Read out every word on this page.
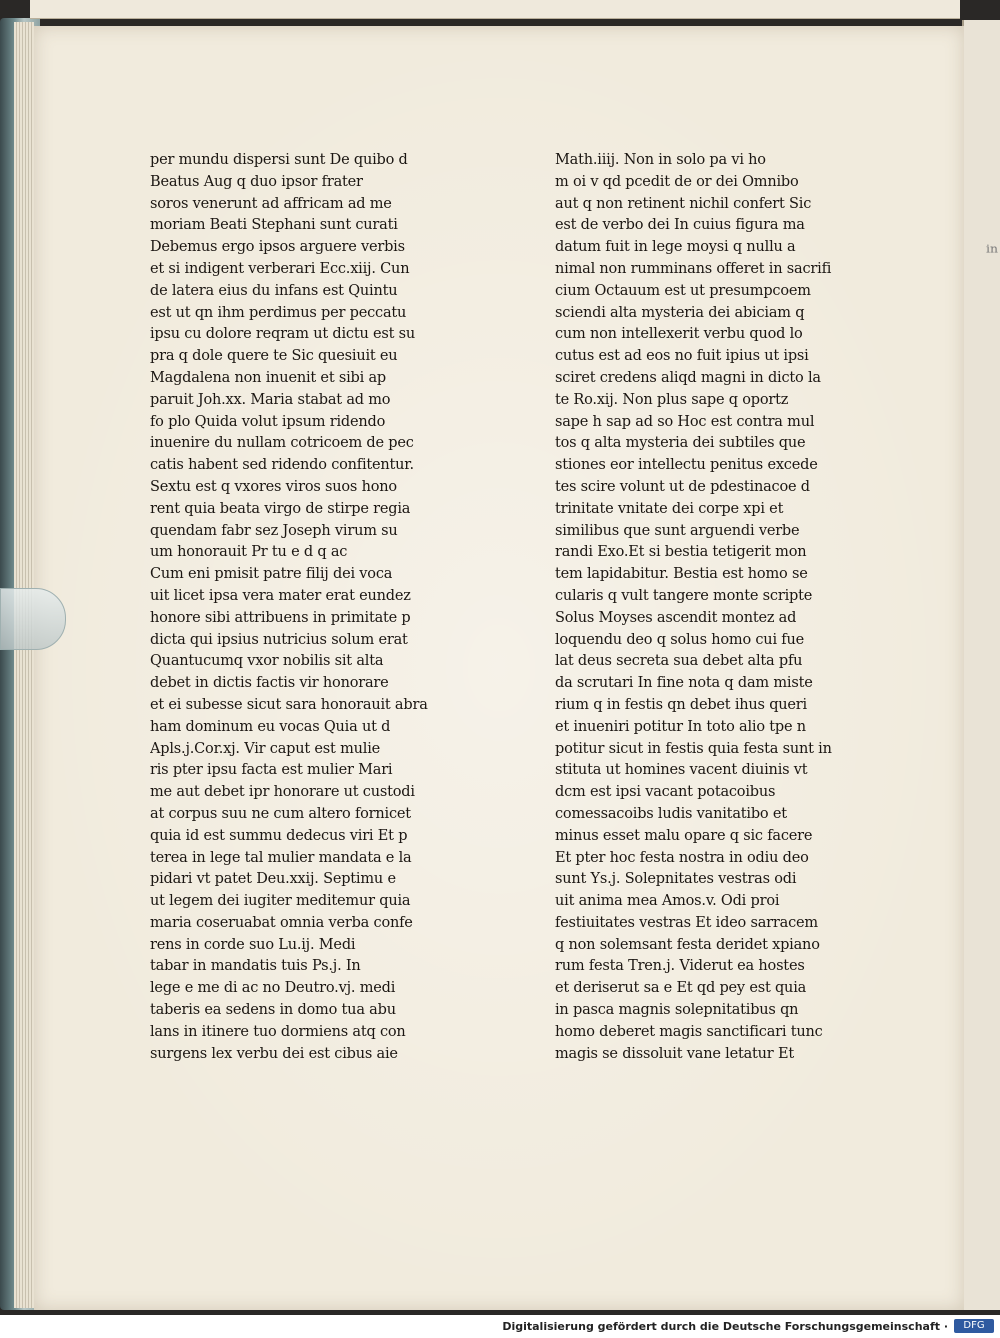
ⁱⁿ
per mundu dispersi sunt De quibo d
Beatus Aug q duo ipsor frater
soros venerunt ad affricam ad me
moriam Beati Stephani sunt curati
Debemus ergo ipsos arguere verbis
et si indigent verberari Ecc.xiij. Cun
de latera eius du infans est Quintu
est ut qn ihm perdimus per peccatu
ipsu cu dolore reqram ut dictu est su
pra q dole quere te Sic quesiuit eu
Magdalena non inuenit et sibi ap
paruit Joh.xx. Maria stabat ad mo
fo plo Quida volut ipsum ridendo
inuenire du nullam cotricoem de pec
catis habent sed ridendo confitentur.
Sextu est q vxores viros suos hono
rent quia beata virgo de stirpe regia
quendam fabr sez Joseph virum su
um honorauit Pr tu e d q ac
Cum eni pmisit patre filij dei voca
uit licet ipsa vera mater erat eundez
honore sibi attribuens in primitate p
dicta qui ipsius nutricius solum erat
Quantucumq vxor nobilis sit alta
debet in dictis factis vir honorare
et ei subesse sicut sara honorauit abra
ham dominum eu vocas Quia ut d
Apls.j.Cor.xj. Vir caput est mulie
ris pter ipsu facta est mulier Mari
me aut debet ipr honorare ut custodi
at corpus suu ne cum altero fornicet
quia id est summu dedecus viri Et p
terea in lege tal mulier mandata e la
pidari vt patet Deu.xxij. Septimu e
ut legem dei iugiter meditemur quia
maria coseruabat omnia verba confe
rens in corde suo Lu.ij. Medi
tabar in mandatis tuis Ps.j. In
lege e me di ac no Deutro.vj. medi
taberis ea sedens in domo tua abu
lans in itinere tuo dormiens atq con
surgens lex verbu dei est cibus aie
Math.iiij. Non in solo pa vi ho
m oi v qd pcedit de or dei Omnibo
aut q non retinent nichil confert Sic
est de verbo dei In cuius figura ma
datum fuit in lege moysi q nullu a
nimal non rumminans offeret in sacrifi
cium Octauum est ut presumpcoem
sciendi alta mysteria dei abiciam q
cum non intellexerit verbu quod lo
cutus est ad eos no fuit ipius ut ipsi
sciret credens aliqd magni in dicto la
te Ro.xij. Non plus sape q oportz
sape h sap ad so Hoc est contra mul
tos q alta mysteria dei subtiles que
stiones eor intellectu penitus excede
tes scire volunt ut de pdestinacoe d
trinitate vnitate dei corpe xpi et
similibus que sunt arguendi verbe
randi Exo.Et si bestia tetigerit mon
tem lapidabitur. Bestia est homo se
cularis q vult tangere monte scripte
Solus Moyses ascendit montez ad
loquendu deo q solus homo cui fue
lat deus secreta sua debet alta pfu
da scrutari In fine nota q dam miste
rium q in festis qn debet ihus queri
et inueniri potitur In toto alio tpe n
potitur sicut in festis quia festa sunt in
stituta ut homines vacent diuinis vt
dcm est ipsi vacant potacoibus
comessacoibs ludis vanitatibo et
minus esset malu opare q sic facere
Et pter hoc festa nostra in odiu deo
sunt Ys.j. Solepnitates vestras odi
uit anima mea Amos.v. Odi proi
festiuitates vestras Et ideo sarracem
q non solemsant festa deridet xpiano
rum festa Tren.j. Viderut ea hostes
et deriserut sa e Et qd pey est quia
in pasca magnis solepnitatibus qn
homo deberet magis sanctificari tunc
magis se dissoluit vane letatur Et
Digitalisierung gefördert durch die Deutsche Forschungsgemeinschaft ·	DFG
